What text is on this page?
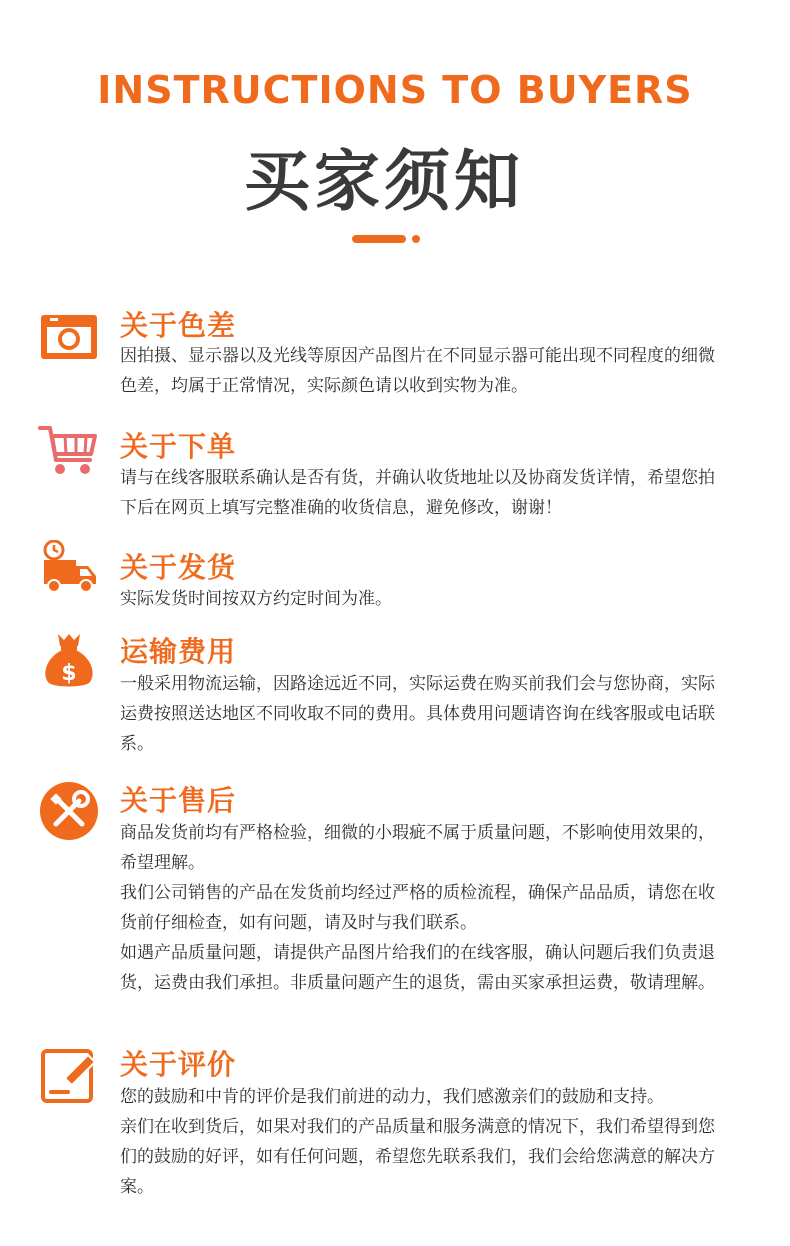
INSTRUCTIONS TO BUYERS
买家须知
关于色差
因拍摄、显示器以及光线等原因产品图片在不同显示器可能出现不同程度的细微色差，均属于正常情况，实际颜色请以收到实物为准。
关于下单
请与在线客服联系确认是否有货，并确认收货地址以及协商发货详情，希望您拍下后在网页上填写完整准确的收货信息，避免修改，谢谢！
关于发货
实际发货时间按双方约定时间为准。
$
运输费用
一般采用物流运输，因路途远近不同，实际运费在购买前我们会与您协商，实际运费按照送达地区不同收取不同的费用。具体费用问题请咨询在线客服或电话联系。
关于售后
商品发货前均有严格检验，细微的小瑕疵不属于质量问题，不影响使用效果的，希望理解。
我们公司销售的产品在发货前均经过严格的质检流程，确保产品品质，请您在收货前仔细检查，如有问题，请及时与我们联系。
如遇产品质量问题，请提供产品图片给我们的在线客服，确认问题后我们负责退货，运费由我们承担。非质量问题产生的退货，需由买家承担运费，敬请理解。
关于评价
您的鼓励和中肯的评价是我们前进的动力，我们感激亲们的鼓励和支持。
亲们在收到货后，如果对我们的产品质量和服务满意的情况下，我们希望得到您们的鼓励的好评，如有任何问题，希望您先联系我们，我们会给您满意的解决方案。
